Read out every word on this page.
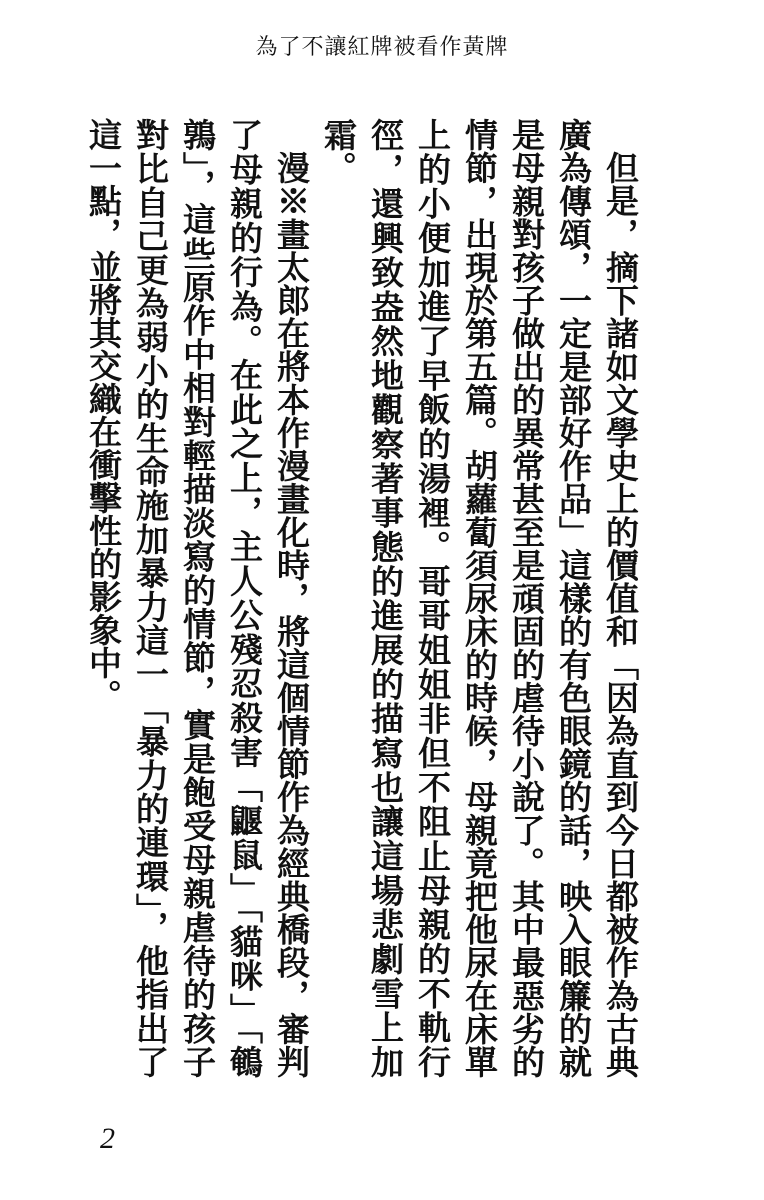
為了不讓紅牌被看作黃牌

但是，摘下諸如文學史上的價值和「因為直到今日都被作為古典廣為傳頌，一定是部好作品」這樣的有色眼鏡的話，映入眼簾的就是母親對孩子做出的異常甚至是頑固的虐待小說了。其中最惡劣的情節，出現於第五篇。胡蘿蔔須尿床的時候，母親竟把他尿在床單上的小便加進了早飯的湯裡。哥哥姐姐非但不阻止母親的不軌行徑，還興致盎然地觀察著事態的進展的描寫也讓這場悲劇雪上加霜。

漫※畫太郎在將本作漫畫化時，將這個情節作為經典橋段，審判了母親的行為。在此之上，主人公殘忍殺害「鼴鼠」「貓咪」「鵪鶉」，這些原作中相對輕描淡寫的情節，實是飽受母親虐待的孩子對比自己更為弱小的生命施加暴力這一「暴力的連環」，他指出了這一點，並將其交織在衝擊性的影象中。

2
